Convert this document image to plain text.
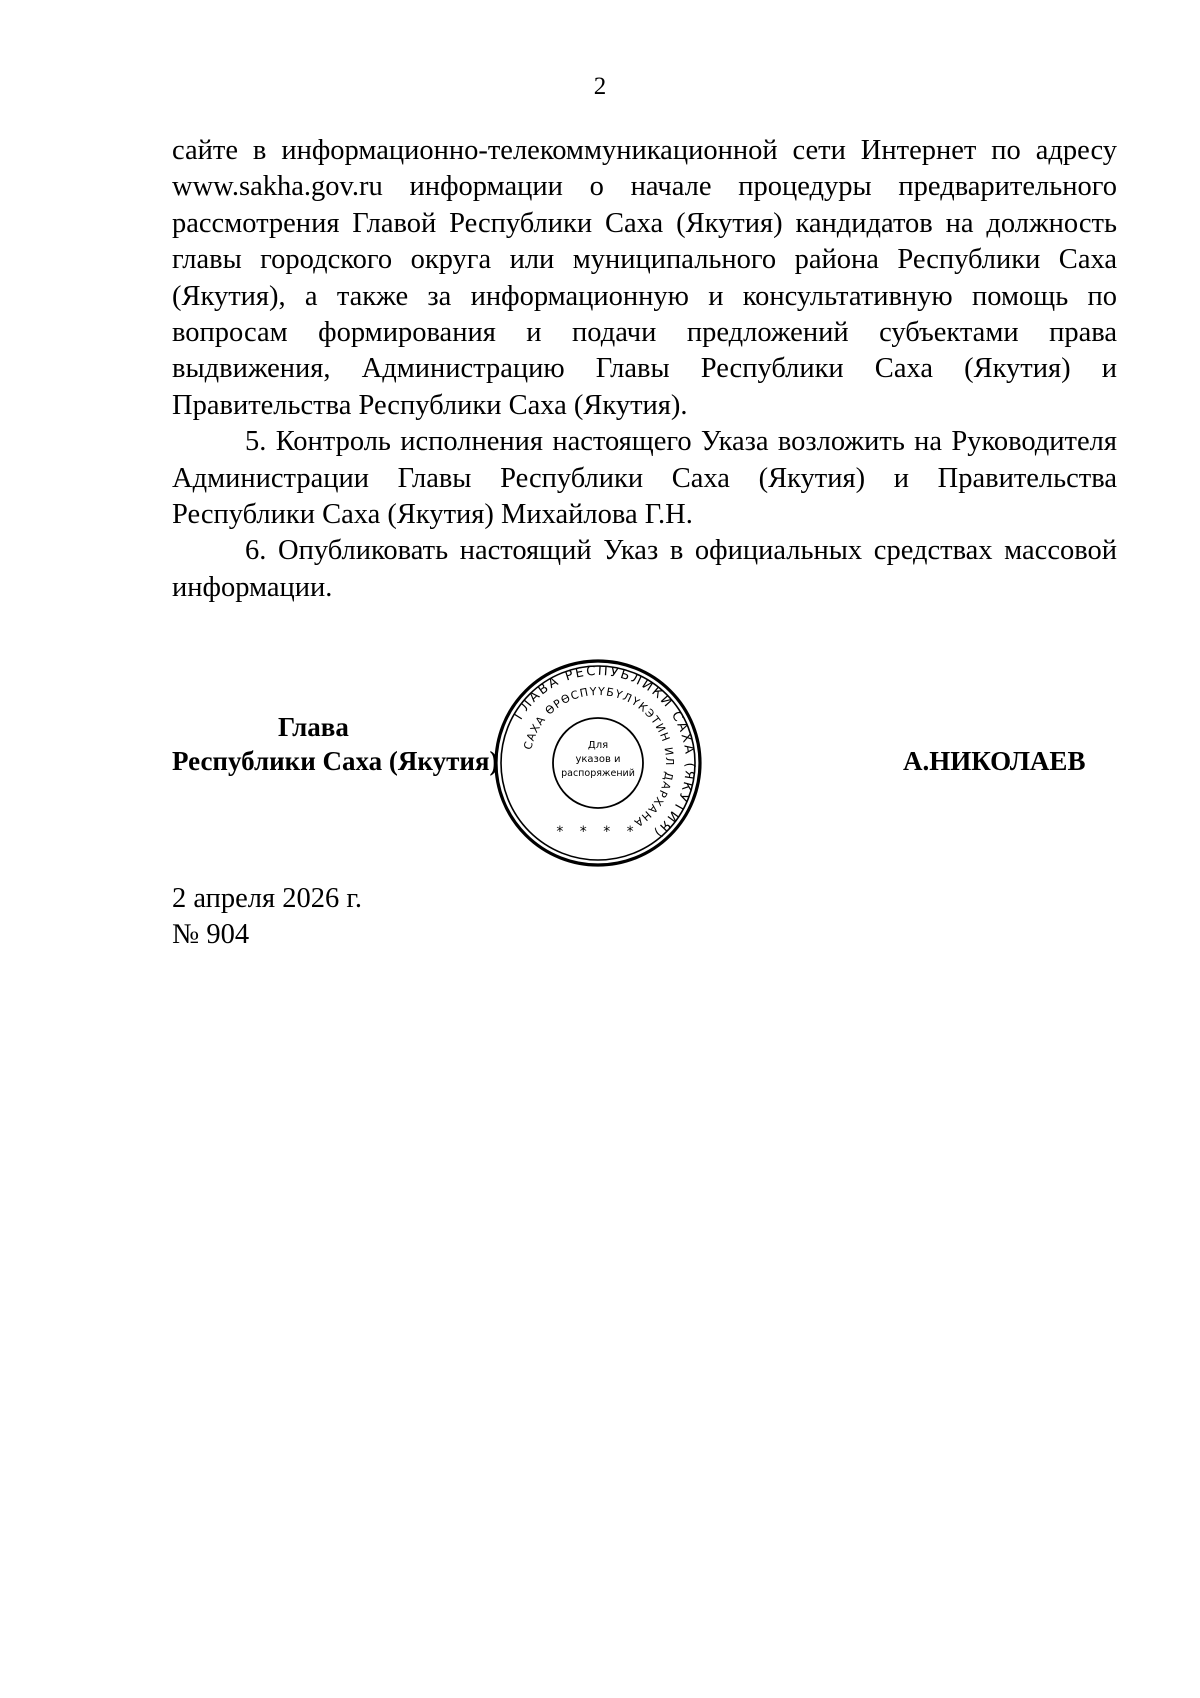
2

сайте в информационно-телекоммуникационной сети Интернет по адресу www.sakha.gov.ru информации о начале процедуры предварительного рассмотрения Главой Республики Саха (Якутия) кандидатов на должность главы городского округа или муниципального района Республики Саха (Якутия), а также за информационную и консультативную помощь по вопросам формирования и подачи предложений субъектами права выдвижения, Администрацию Главы Республики Саха (Якутия) и Правительства Республики Саха (Якутия).

5. Контроль исполнения настоящего Указа возложить на Руководителя Администрации Главы Республики Саха (Якутия) и Правительства Республики Саха (Якутия) Михайлова Г.Н.

6. Опубликовать настоящий Указ в официальных средствах массовой информации.

Глава
Республики Саха (Якутия)	А.НИКОЛАЕВ
ГЛАВА РЕСПУБЛИКИ САХА (ЯКУТИЯ)
САХА ӨРӨСПҮҮБҮЛҮКЭТИН ИЛ ДАРХАНА
Для
указов и
распоряжений
* * * *
2 апреля 2026 г.
№ 904
